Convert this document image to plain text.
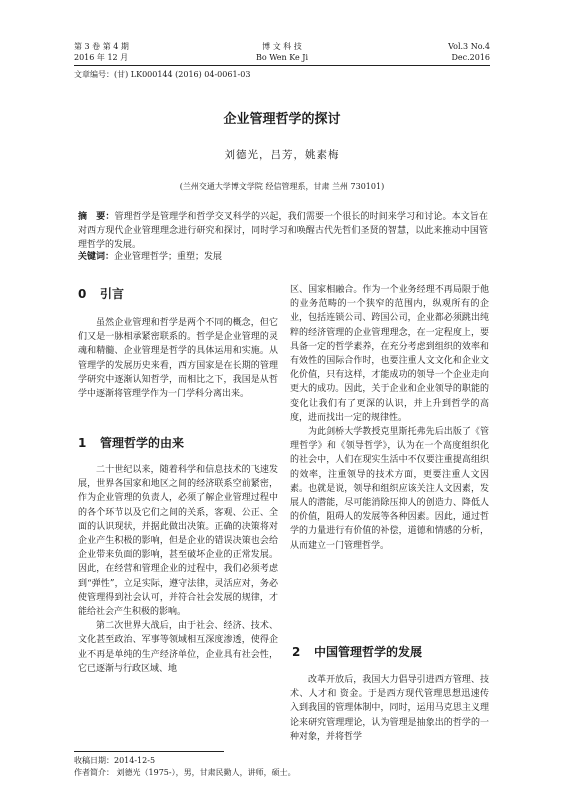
第 3 卷 第 4 期
2016 年 12 月
博 文 科 技
Bo Wen Ke Ji
Vol.3 No.4
Dec.2016
文章编号：(甘) LK000144 (2016) 04-0061-03
企业管理哲学的探讨
刘德光，吕芳，姚素梅
(兰州交通大学博文学院 经信管理系，甘肃 兰州 730101)
摘　要：管理哲学是管理学和哲学交叉科学的兴起，我们需要一个很长的时间来学习和讨论。本文旨在对西方现代企业管理理念进行研究和探讨，同时学习和唤醒古代先哲们圣贤的智慧，以此来推动中国管理哲学的发展。
关键词：企业管理哲学；重塑；发展
0 引言

虽然企业管理和哲学是两个不同的概念，但它们又是一脉相承紧密联系的。哲学是企业管理的灵魂和精髓、企业管理是哲学的具体运用和实施。从管理学的发展历史来看，西方国家是在长期的管理学研究中逐渐认知哲学，而相比之下，我国是从哲学中逐渐将管理学作为一门学科分离出来。

1 管理哲学的由来

二十世纪以来，随着科学和信息技术的飞速发展，世界各国家和地区之间的经济联系空前紧密，作为企业管理的负责人，必须了解企业管理过程中的各个环节以及它们之间的关系，客观、公正、全面的认识现状，并据此做出决策。正确的决策将对企业产生积极的影响，但是企业的错误决策也会给企业带来负面的影响，甚至破坏企业的正常发展。因此，在经营和管理企业的过程中，我们必须考虑到“弹性”，立足实际，遵守法律，灵活应对，务必使管理得到社会认可，并符合社会发展的规律，才能给社会产生积极的影响。

第二次世界大战后，由于社会、经济、技术、文化甚至政治、军事等领域相互深度渗透，使得企业不再是单纯的生产经济单位，企业具有社会性，它已逐渐与行政区域、地

区、国家相融合。作为一个业务经理不再局限于他的业务范畴的一个狭窄的范围内，纵观所有的企业，包括连锁公司、跨国公司，企业都必须跳出纯粹的经济管理的企业管理理念，在一定程度上，要具备一定的哲学素养，在充分考虑到组织的效率和有效性的国际合作时，也要注重人文文化和企业文化价值，只有这样，才能成功的领导一个企业走向更大的成功。因此，关于企业和企业领导的职能的变化让我们有了更深的认识，并上升到哲学的高度，进而找出一定的规律性。

为此剑桥大学教授克里斯托弗先后出版了《管理哲学》和《领导哲学》，认为在一个高度组织化的社会中，人们在现实生活中不仅要注重提高组织的效率，注重领导的技术方面，更要注重人文因素。也就是说，领导和组织应该关注人文因素，发展人的潜能，尽可能消除压抑人的创造力、降低人的价值，阻碍人的发展等各种因素。因此，通过哲学的力量进行有价值的补偿，道德和情感的分析，从而建立一门管理哲学。

2 中国管理哲学的发展

改革开放后，我国大力倡导引进西方管理、技术、人才和 资金。于是西方现代管理思想迅速传入到我国的管理体制中，同时，运用马克思主义理论来研究管理理论，认为管理是抽象出的哲学的一种对象，并将哲学

收稿日期：2014-12-5
作者简介： 刘德光（1975-），男，甘肃民勤人，讲师，硕士。
